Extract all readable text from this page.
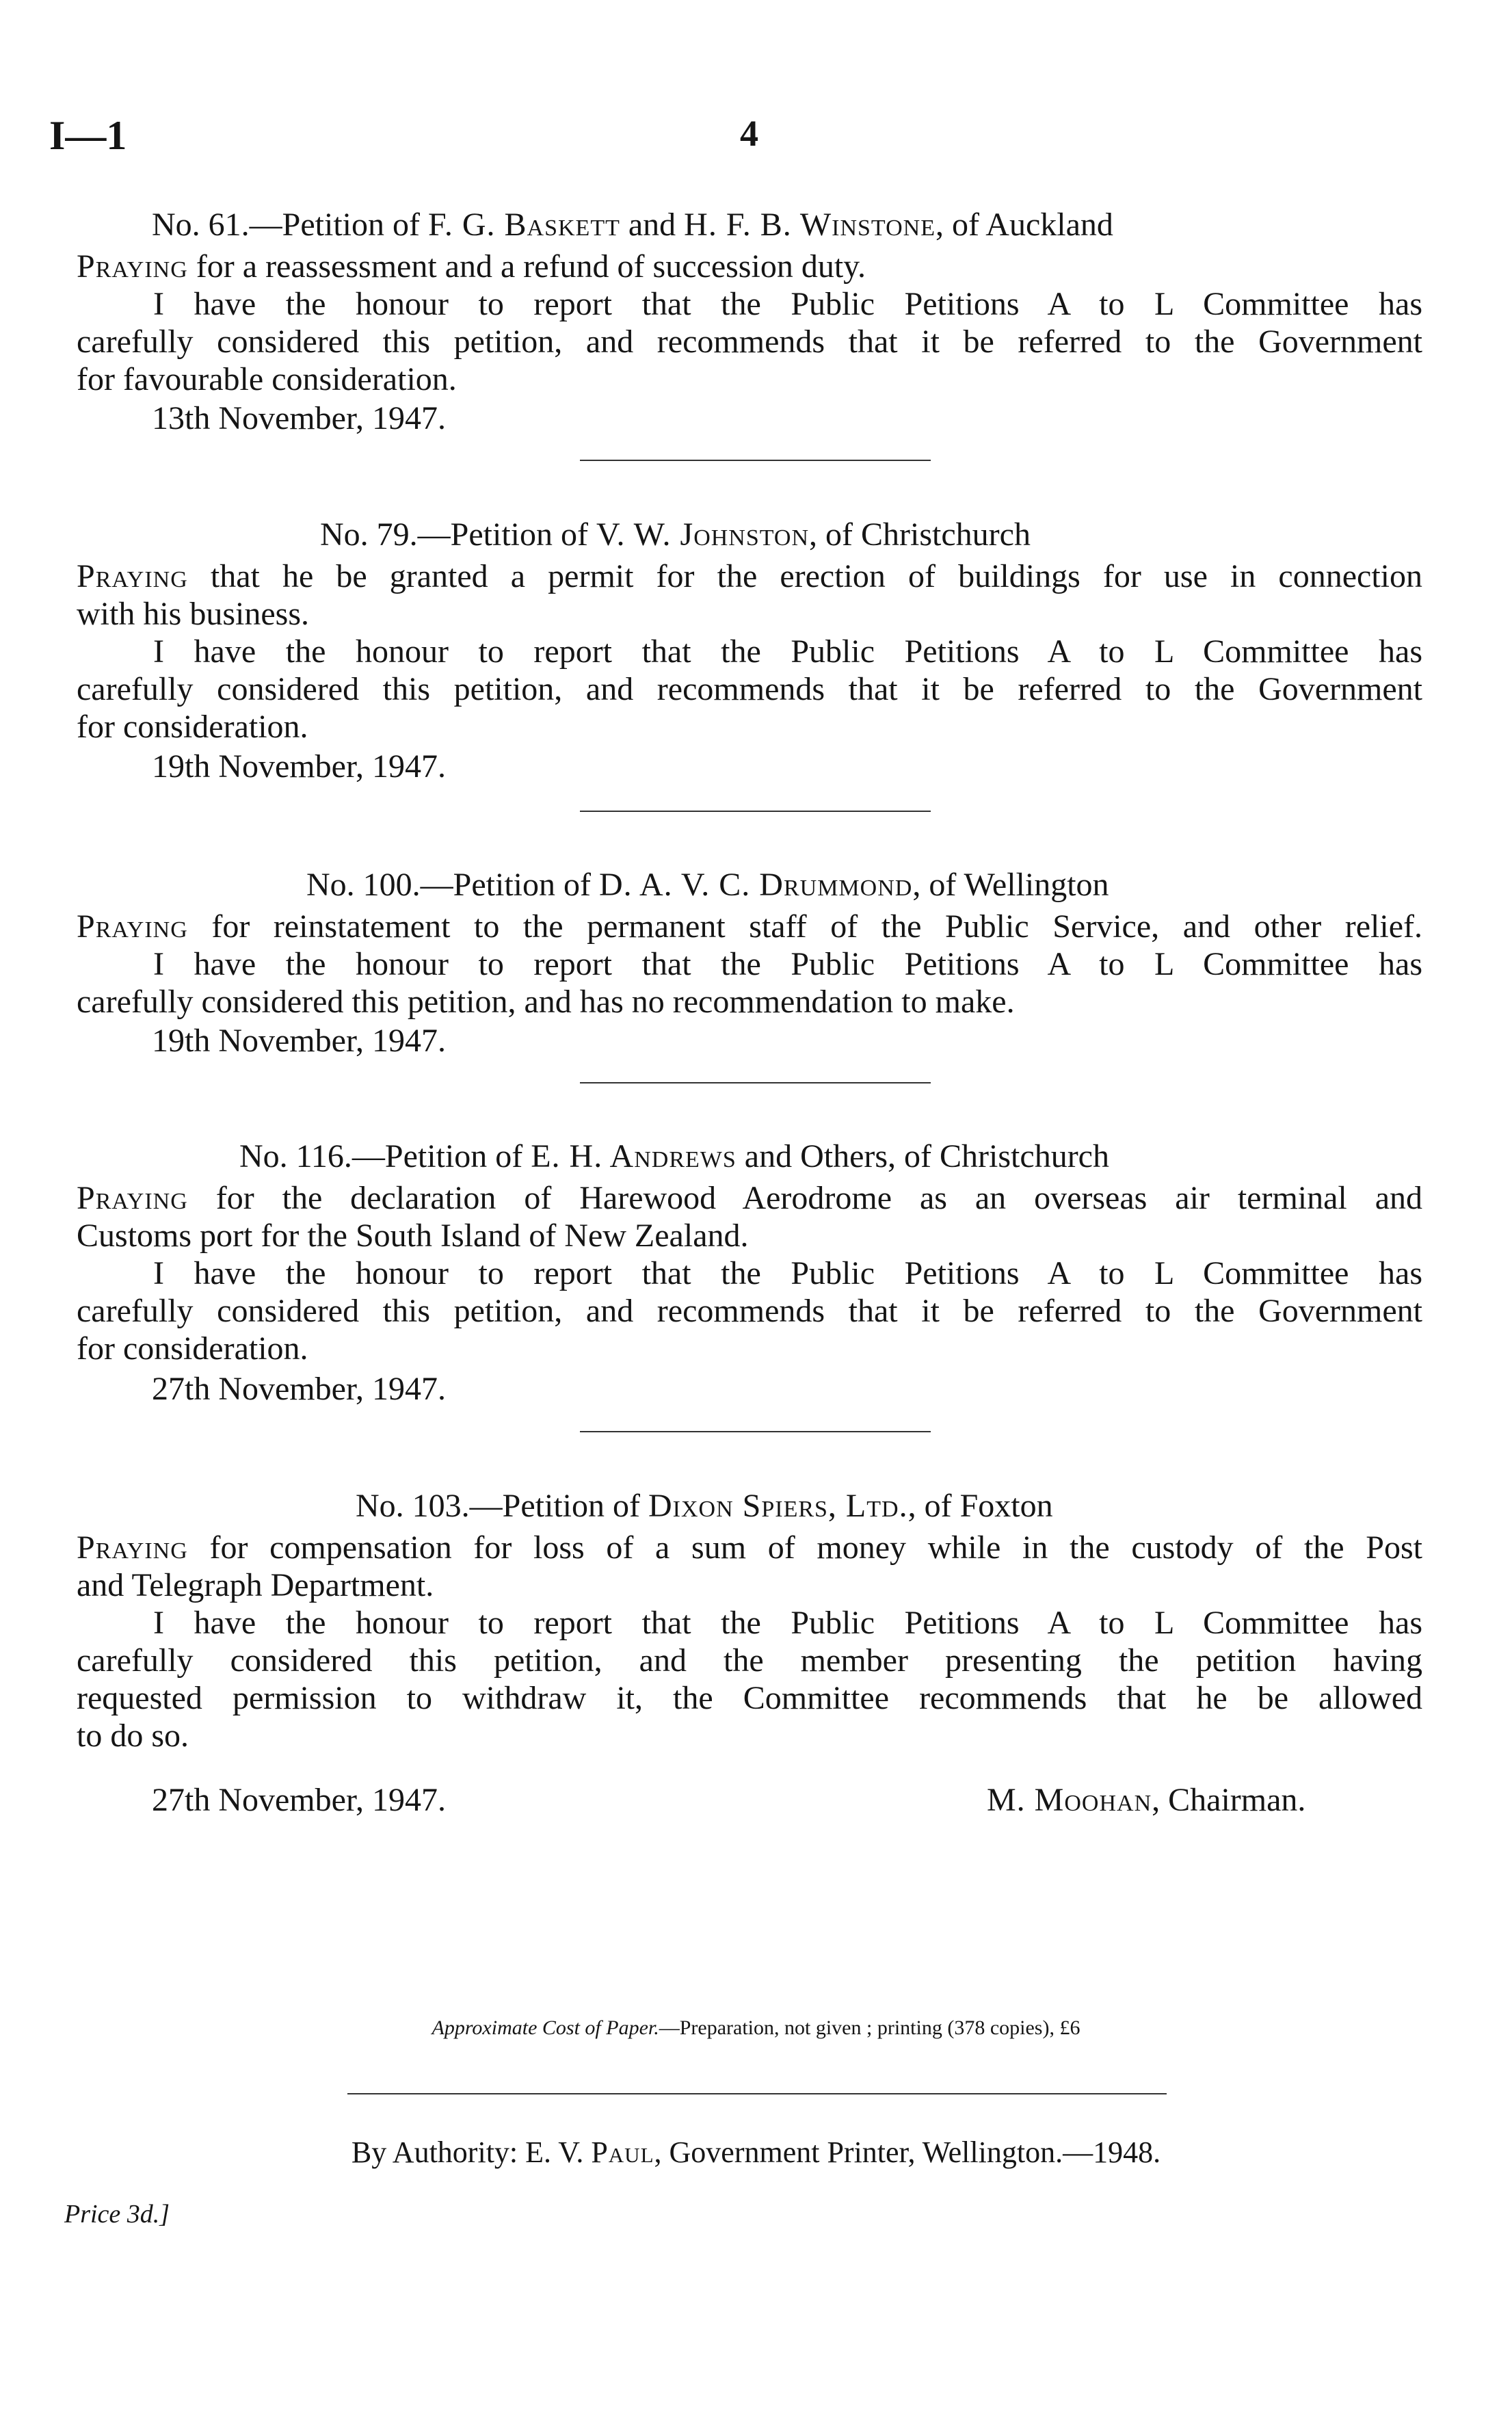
I—1	4
No. 61.—Petition of F. G. Baskett and H. F. B. Winstone, of Auckland
Praying for a reassessment and a refund of succession duty.
I have the honour to report that the Public Petitions A to L Committee has
carefully considered this petition, and recommends that it be referred to the Government
for favourable consideration.
13th November, 1947.
No. 79.—Petition of V. W. Johnston, of Christchurch
Praying that he be granted a permit for the erection of buildings for use in connection
with his business.
I have the honour to report that the Public Petitions A to L Committee has
carefully considered this petition, and recommends that it be referred to the Government
for consideration.
19th November, 1947.
No. 100.—Petition of D. A. V. C. Drummond, of Wellington
Praying for reinstatement to the permanent staff of the Public Service, and other relief.
I have the honour to report that the Public Petitions A to L Committee has
carefully considered this petition, and has no recommendation to make.
19th November, 1947.
No. 116.—Petition of E. H. Andrews and Others, of Christchurch
Praying for the declaration of Harewood Aerodrome as an overseas air terminal and
Customs port for the South Island of New Zealand.
I have the honour to report that the Public Petitions A to L Committee has
carefully considered this petition, and recommends that it be referred to the Government
for consideration.
27th November, 1947.
No. 103.—Petition of Dixon Spiers, Ltd., of Foxton
Praying for compensation for loss of a sum of money while in the custody of the Post
and Telegraph Department.
I have the honour to report that the Public Petitions A to L Committee has
carefully considered this petition, and the member presenting the petition having
requested permission to withdraw it, the Committee recommends that he be allowed
to do so.
27th November, 1947.	M. Moohan, Chairman.
Approximate Cost of Paper.—Preparation, not given ; printing (378 copies), £6
By Authority: E. V. Paul, Government Printer, Wellington.—1948.
Price 3d.]
